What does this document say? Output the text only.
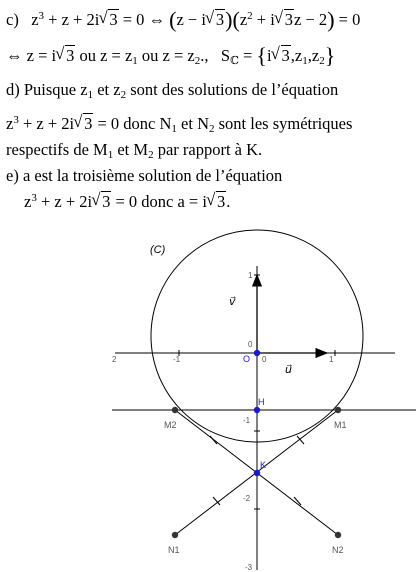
c) $z^3 + z + 2i√$ 3 = 0 ⇔ (z − i√ $3)(z^2 + i√$ 3z − 2) = 0
⇔ z = i√ 3 ou $z = z_1$ ou $z = z_2$.,   $S_ℂ = \{i√$ $3,z_1,z_2$}
d) Puisque $z_1$ et $z_2$ sont des solutions de l’équation
$z^3 + z + 2i√$ 3 = 0 donc $N_1$ et $N_2$ sont les symétriques
respectifs de $M_1$ et $M_2$ par rapport à K.
e) a est la troisième solution de l’équation
$z^3 + z + 2i√$ 3 = 0 donc a = i√ 3.
(C)
v⃗
u⃗
O
0
0
1
-1
-2
-3
-1	1
2
H
K
M2	M1
N1	N2
